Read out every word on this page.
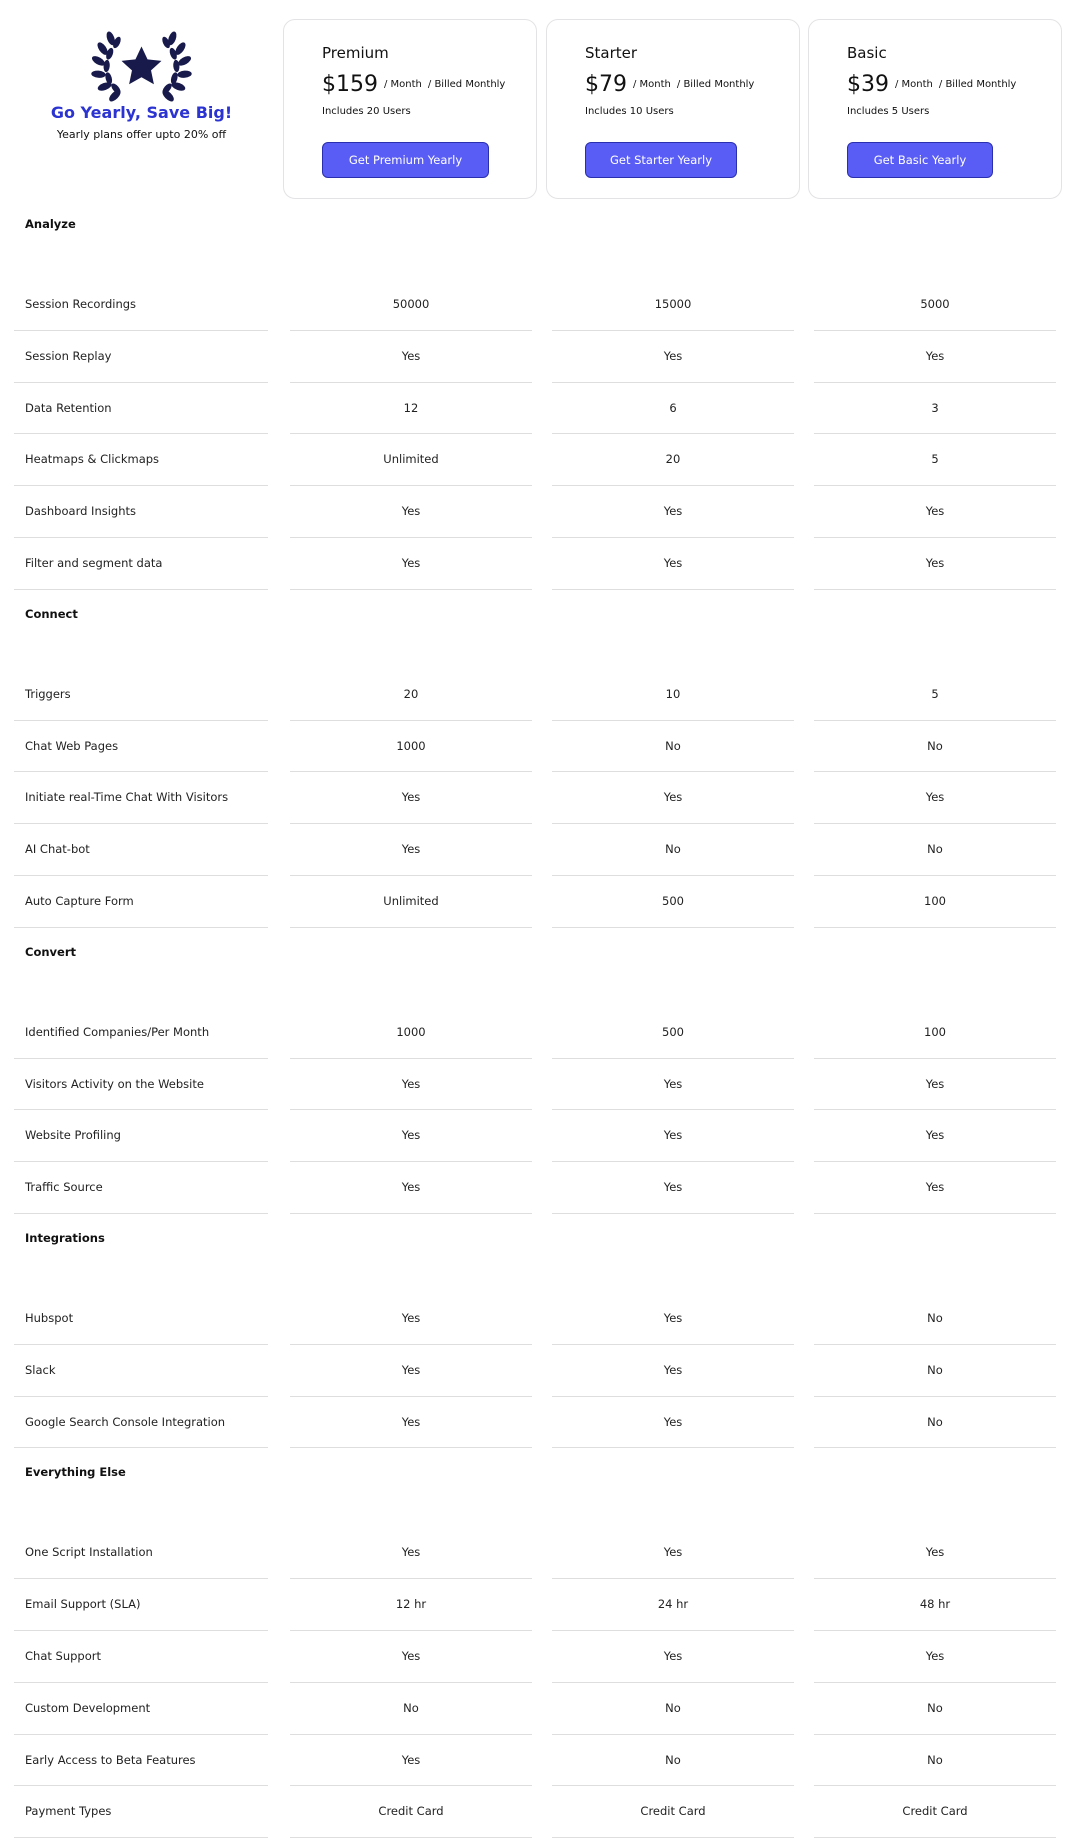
Go Yearly, Save Big!
Yearly plans offer upto 20% off
Premium
$159 / Month / Billed Monthly
Includes 20 Users
Get Premium Yearly
Starter
$79 / Month / Billed Monthly
Includes 10 Users
Get Starter Yearly
Basic
$39 / Month / Billed Monthly
Includes 5 Users
Get Basic Yearly
Analyze
Session Recordings	50000	15000	5000
Session Replay	Yes	Yes	Yes
Data Retention	12	6	3
Heatmaps & Clickmaps	Unlimited	20	5
Dashboard Insights	Yes	Yes	Yes
Filter and segment data	Yes	Yes	Yes
Connect
Triggers	20	10	5
Chat Web Pages	1000	No	No
Initiate real-Time Chat With Visitors	Yes	Yes	Yes
AI Chat-bot	Yes	No	No
Auto Capture Form	Unlimited	500	100
Convert
Identified Companies/Per Month	1000	500	100
Visitors Activity on the Website	Yes	Yes	Yes
Website Profiling	Yes	Yes	Yes
Traffic Source	Yes	Yes	Yes
Integrations
Hubspot	Yes	Yes	No
Slack	Yes	Yes	No
Google Search Console Integration	Yes	Yes	No
Everything Else
One Script Installation	Yes	Yes	Yes
Email Support (SLA)	12 hr	24 hr	48 hr
Chat Support	Yes	Yes	Yes
Custom Development	No	No	No
Early Access to Beta Features	Yes	No	No
Payment Types	Credit Card	Credit Card	Credit Card
